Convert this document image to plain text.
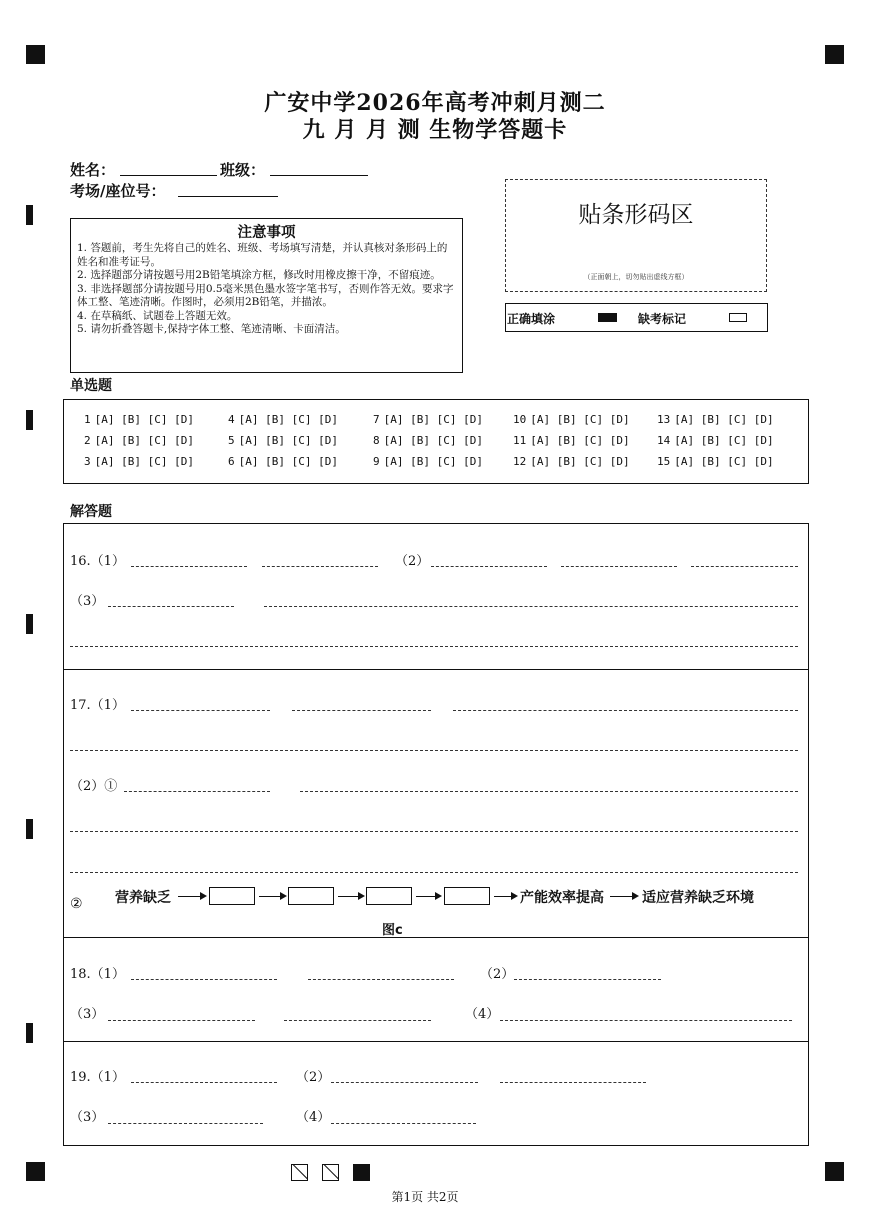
广安中学2026年高考冲刺月测二
九 月 月 测 生物学答题卡
姓名：	班级：
考场/座位号：
注意事项
1. 答题前，考生先将自己的姓名、班级、考场填写清楚，并认真核对条形码上的姓名和准考证号。
2. 选择题部分请按题号用2B铅笔填涂方框，修改时用橡皮擦干净，不留痕迹。
3. 非选择题部分请按题号用0.5毫米黑色墨水签字笔书写，否则作答无效。要求字体工整、笔迹清晰。作图时，必须用2B铅笔，并描浓。
4. 在草稿纸、试题卷上答题无效。
5. 请勿折叠答题卡,保持字体工整、笔迹清晰、卡面清洁。
贴条形码区
（正面朝上，切勿贴出虚线方框）
正确填涂	缺考标记
单选题
1 [A] [B] [C] [D]
2 [A] [B] [C] [D]
3 [A] [B] [C] [D]
4 [A] [B] [C] [D]
5 [A] [B] [C] [D]
6 [A] [B] [C] [D]
7 [A] [B] [C] [D]
8 [A] [B] [C] [D]
9 [A] [B] [C] [D]
10 [A] [B] [C] [D]
11 [A] [B] [C] [D]
12 [A] [B] [C] [D]
13 [A] [B] [C] [D]
14 [A] [B] [C] [D]
15 [A] [B] [C] [D]
解答题
16.（1）	（2）
（3）
17.（1）
（2）①
② 营养缺乏	产能效率提高	适应营养缺乏环境
图c
18.（1）	（2）
（3）	（4）
19.（1）	（2）
（3）	（4）
第1页 共2页
